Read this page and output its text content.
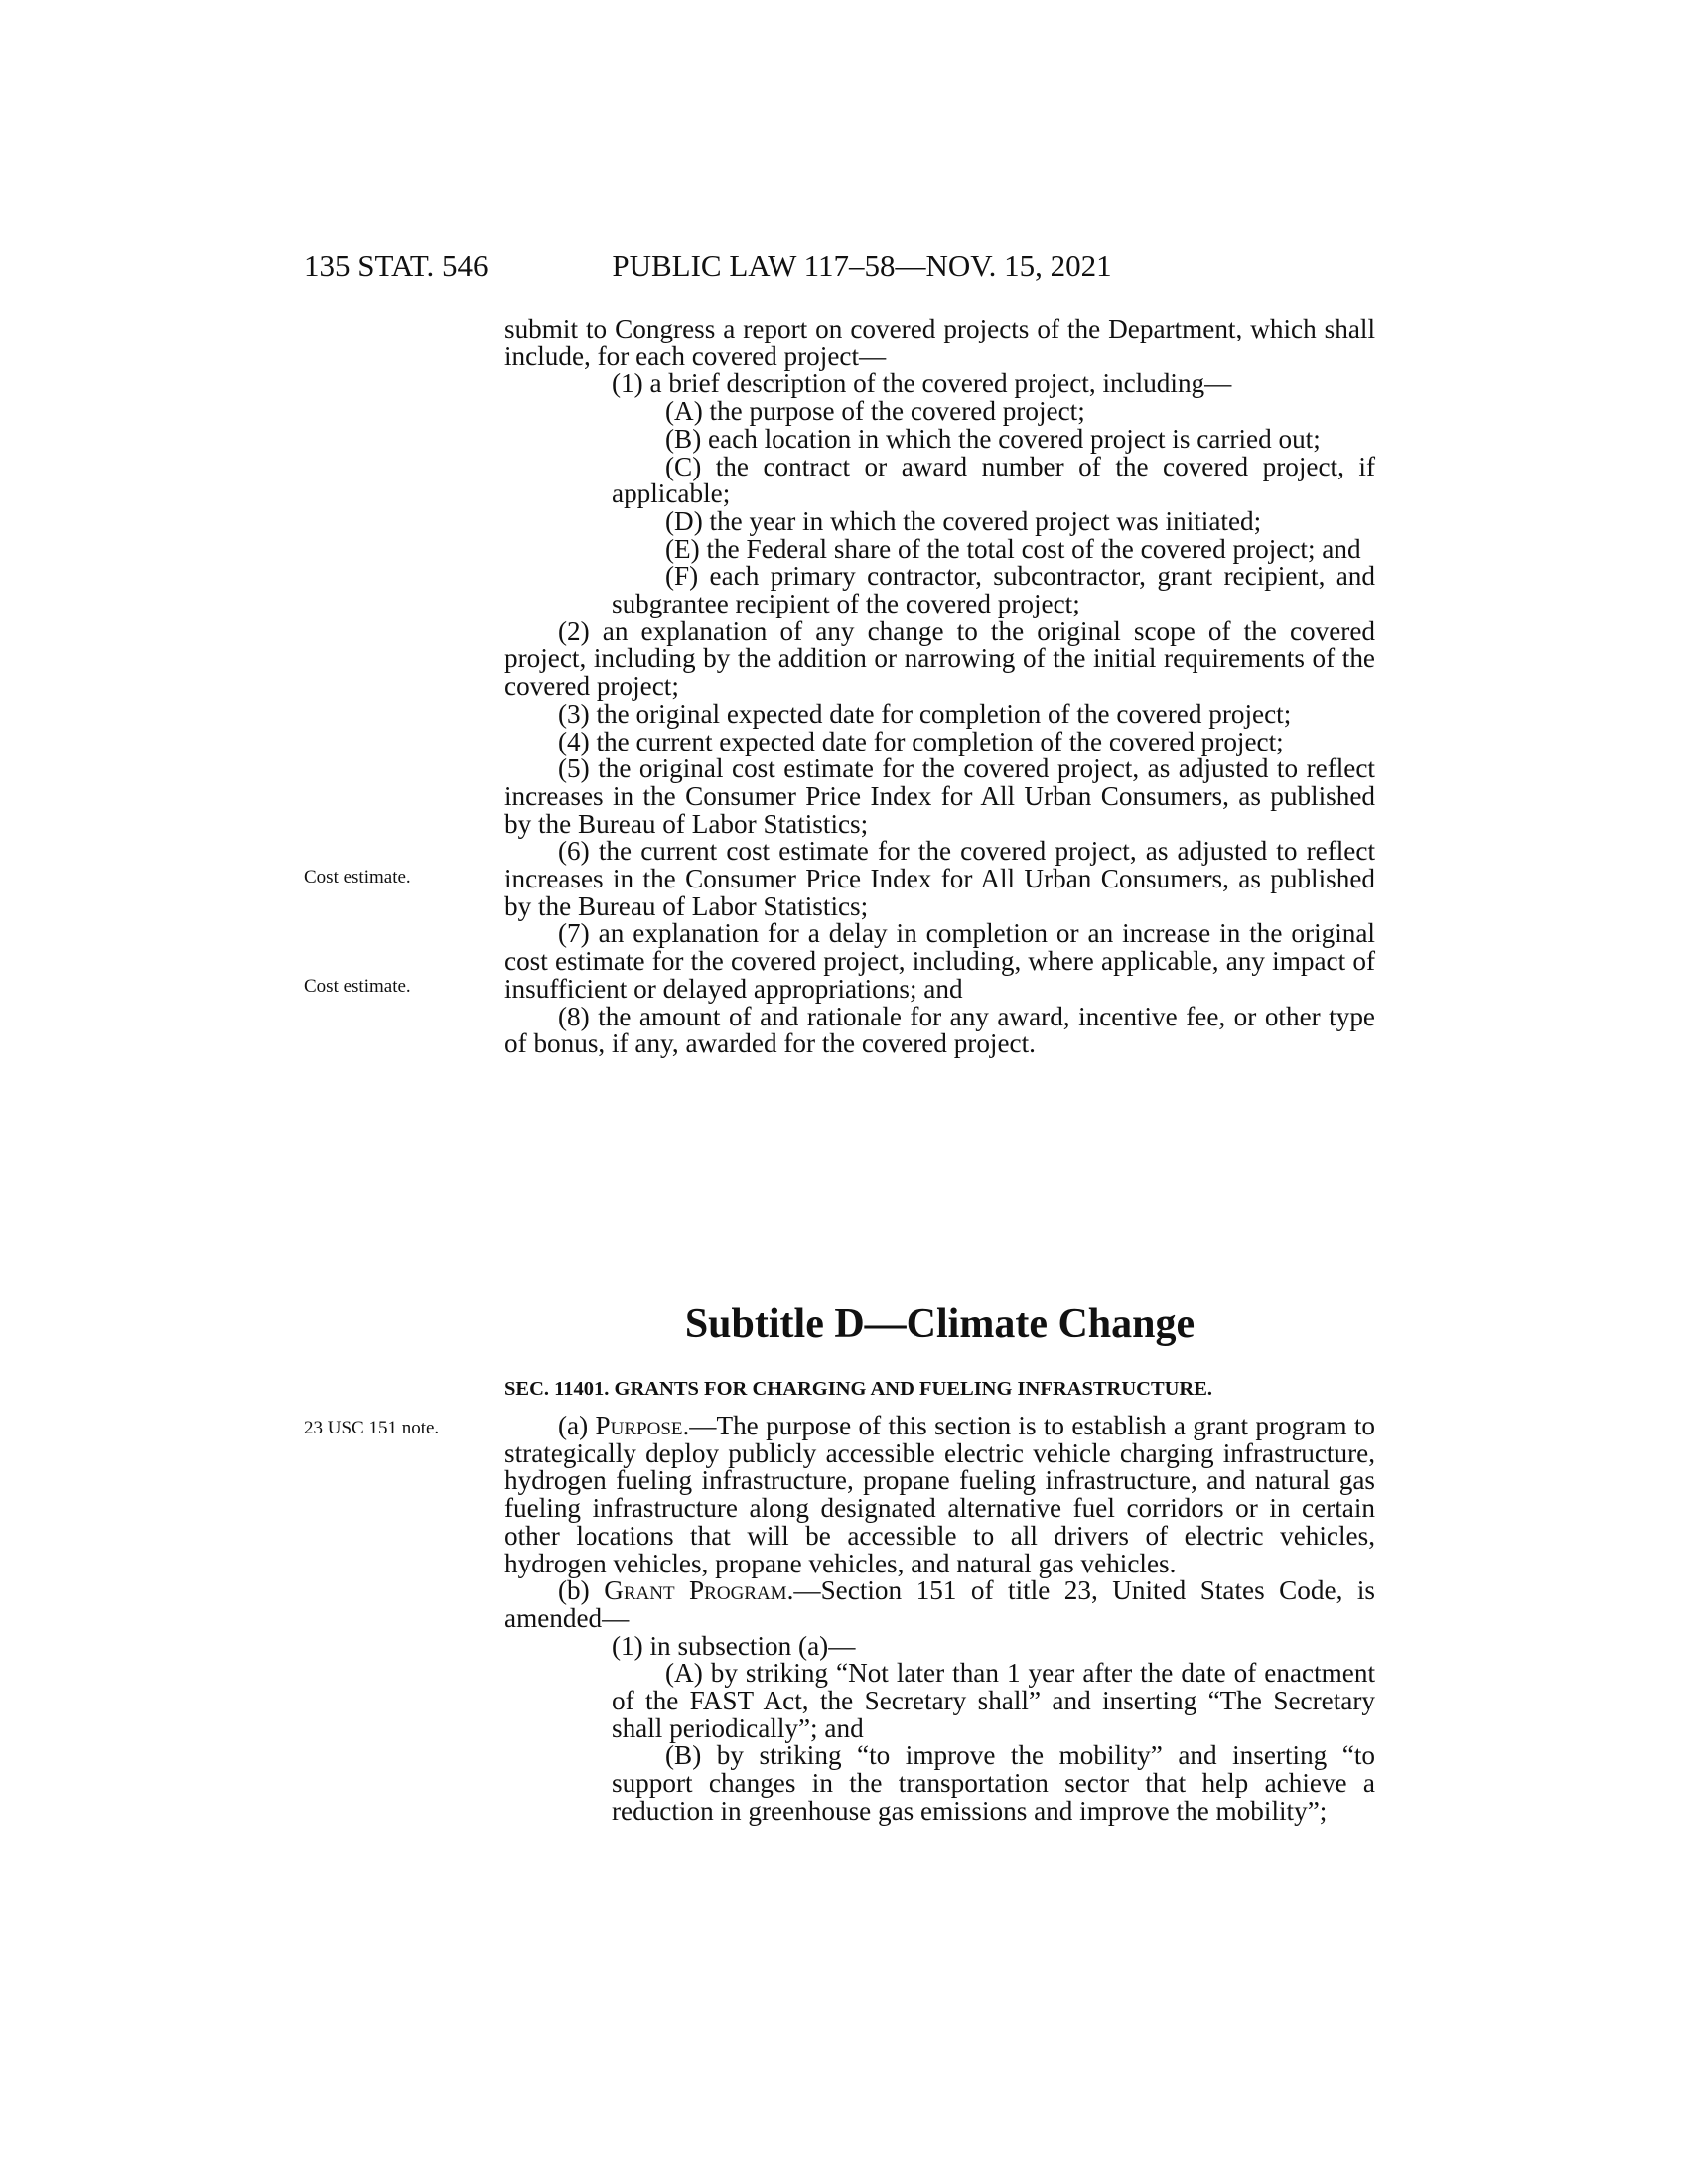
135 STAT. 546	PUBLIC LAW 117–58—NOV. 15, 2021
Cost estimate.
Cost estimate.
23 USC 151 note.

submit to Congress a report on covered projects of the Department, which shall include, for each covered project—

(1) a brief description of the covered project, including—

(A) the purpose of the covered project;

(B) each location in which the covered project is carried out;

(C) the contract or award number of the covered project, if applicable;

(D) the year in which the covered project was initiated;

(E) the Federal share of the total cost of the covered project; and

(F) each primary contractor, subcontractor, grant recipient, and subgrantee recipient of the covered project;

(2) an explanation of any change to the original scope of the covered project, including by the addition or narrowing of the initial requirements of the covered project;

(3) the original expected date for completion of the covered project;

(4) the current expected date for completion of the covered project;

(5) the original cost estimate for the covered project, as adjusted to reflect increases in the Consumer Price Index for All Urban Consumers, as published by the Bureau of Labor Statistics;

(6) the current cost estimate for the covered project, as adjusted to reflect increases in the Consumer Price Index for All Urban Consumers, as published by the Bureau of Labor Statistics;

(7) an explanation for a delay in completion or an increase in the original cost estimate for the covered project, including, where applicable, any impact of insufficient or delayed appropriations; and

(8) the amount of and rationale for any award, incentive fee, or other type of bonus, if any, awarded for the covered project.

Subtitle D—Climate Change
SEC. 11401. GRANTS FOR CHARGING AND FUELING INFRASTRUCTURE.

(a) Purpose.—The purpose of this section is to establish a grant program to strategically deploy publicly accessible electric vehicle charging infrastructure, hydrogen fueling infrastructure, propane fueling infrastructure, and natural gas fueling infrastructure along designated alternative fuel corridors or in certain other locations that will be accessible to all drivers of electric vehicles, hydrogen vehicles, propane vehicles, and natural gas vehicles.

(b) Grant Program.—Section 151 of title 23, United States Code, is amended—

(1) in subsection (a)—

(A) by striking “Not later than 1 year after the date of enactment of the FAST Act, the Secretary shall” and inserting “The Secretary shall periodically”; and

(B) by striking “to improve the mobility” and inserting “to support changes in the transportation sector that help achieve a reduction in greenhouse gas emissions and improve the mobility”;
